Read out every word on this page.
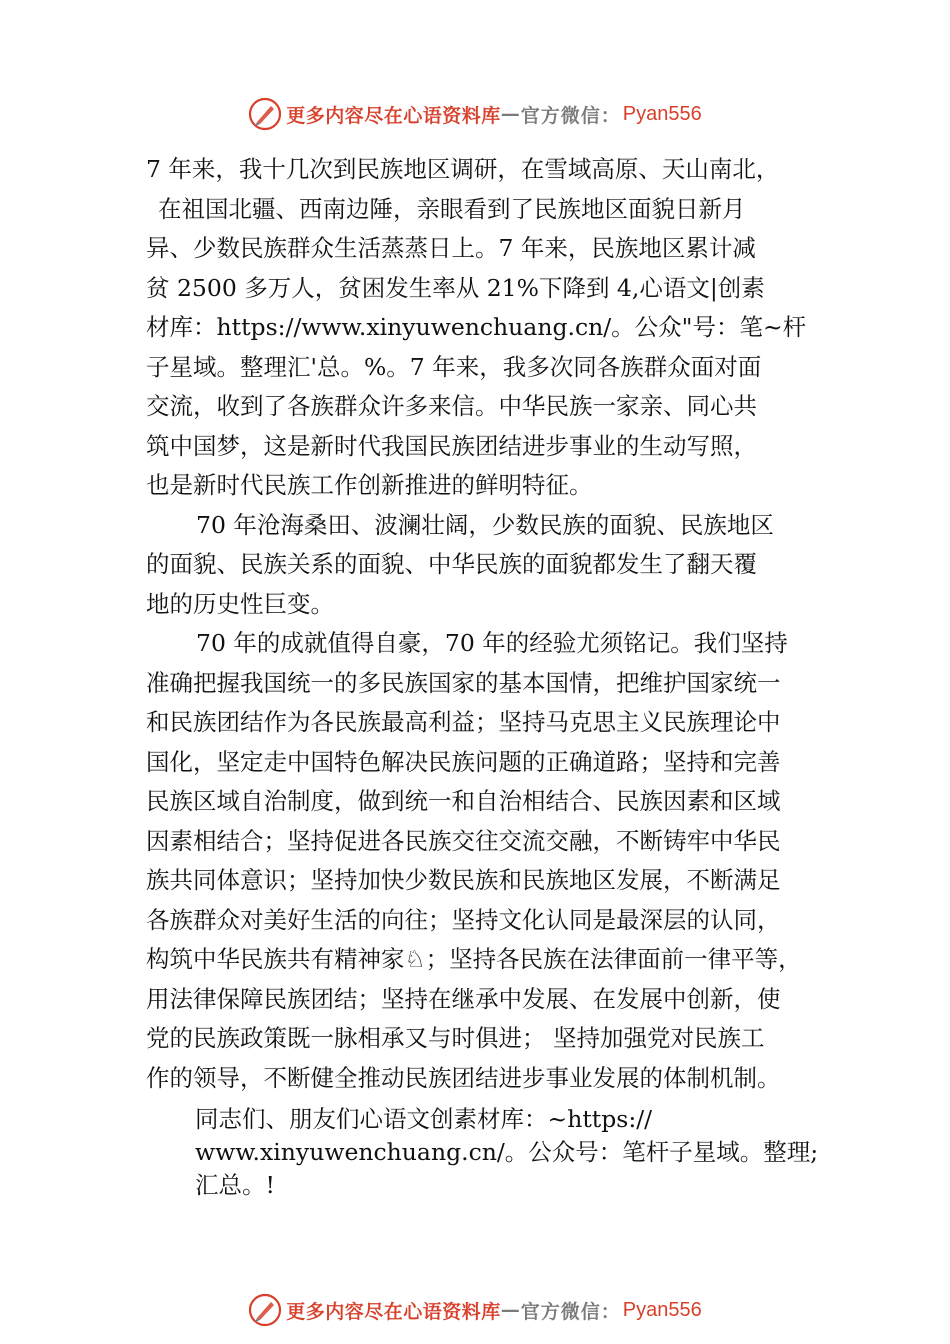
更多内容尽在心语资料库 — 官方微信： Pyan556
7 年来，我十几次到民族地区调研，在雪域高原、天山南北，
在祖国北疆、西南边陲，亲眼看到了民族地区面貌日新月
异、少数民族群众生活蒸蒸日上。7 年来，民族地区累计减
贫 2500 多万人，贫困发生率从 21%下降到 4,心语文|创素
材库：https://www.xinyuwenchuang.cn/。公众"号：笔~杆
子星域。整理汇'总。%。7 年来，我多次同各族群众面对面
交流，收到了各族群众许多来信。中华民族一家亲、同心共
筑中国梦，这是新时代我国民族团结进步事业的生动写照，
也是新时代民族工作创新推进的鲜明特征。
70 年沧海桑田、波澜壮阔，少数民族的面貌、民族地区
的面貌、民族关系的面貌、中华民族的面貌都发生了翻天覆
地的历史性巨变。
70 年的成就值得自豪，70 年的经验尤须铭记。我们坚持
准确把握我国统一的多民族国家的基本国情，把维护国家统一
和民族团结作为各民族最高利益；坚持马克思主义民族理论中
国化，坚定走中国特色解决民族问题的正确道路；坚持和完善
民族区域自治制度，做到统一和自治相结合、民族因素和区域
因素相结合；坚持促进各民族交往交流交融，不断铸牢中华民
族共同体意识；坚持加快少数民族和民族地区发展，不断满足
各族群众对美好生活的向往；坚持文化认同是最深层的认同，
构筑中华民族共有精神家♘；坚持各民族在法律面前一律平等，
用法律保障民族团结；坚持在继承中发展、在发展中创新，使
党的民族政策既一脉相承又与时俱进； 坚持加强党对民族工
作的领导，不断健全推动民族团结进步事业发展的体制机制。
同志们、朋友们心语文创素材库：~https://
www.xinyuwenchuang.cn/。公众号：笔杆子星域。整理;
汇总。!
更多内容尽在心语资料库 — 官方微信： Pyan556
